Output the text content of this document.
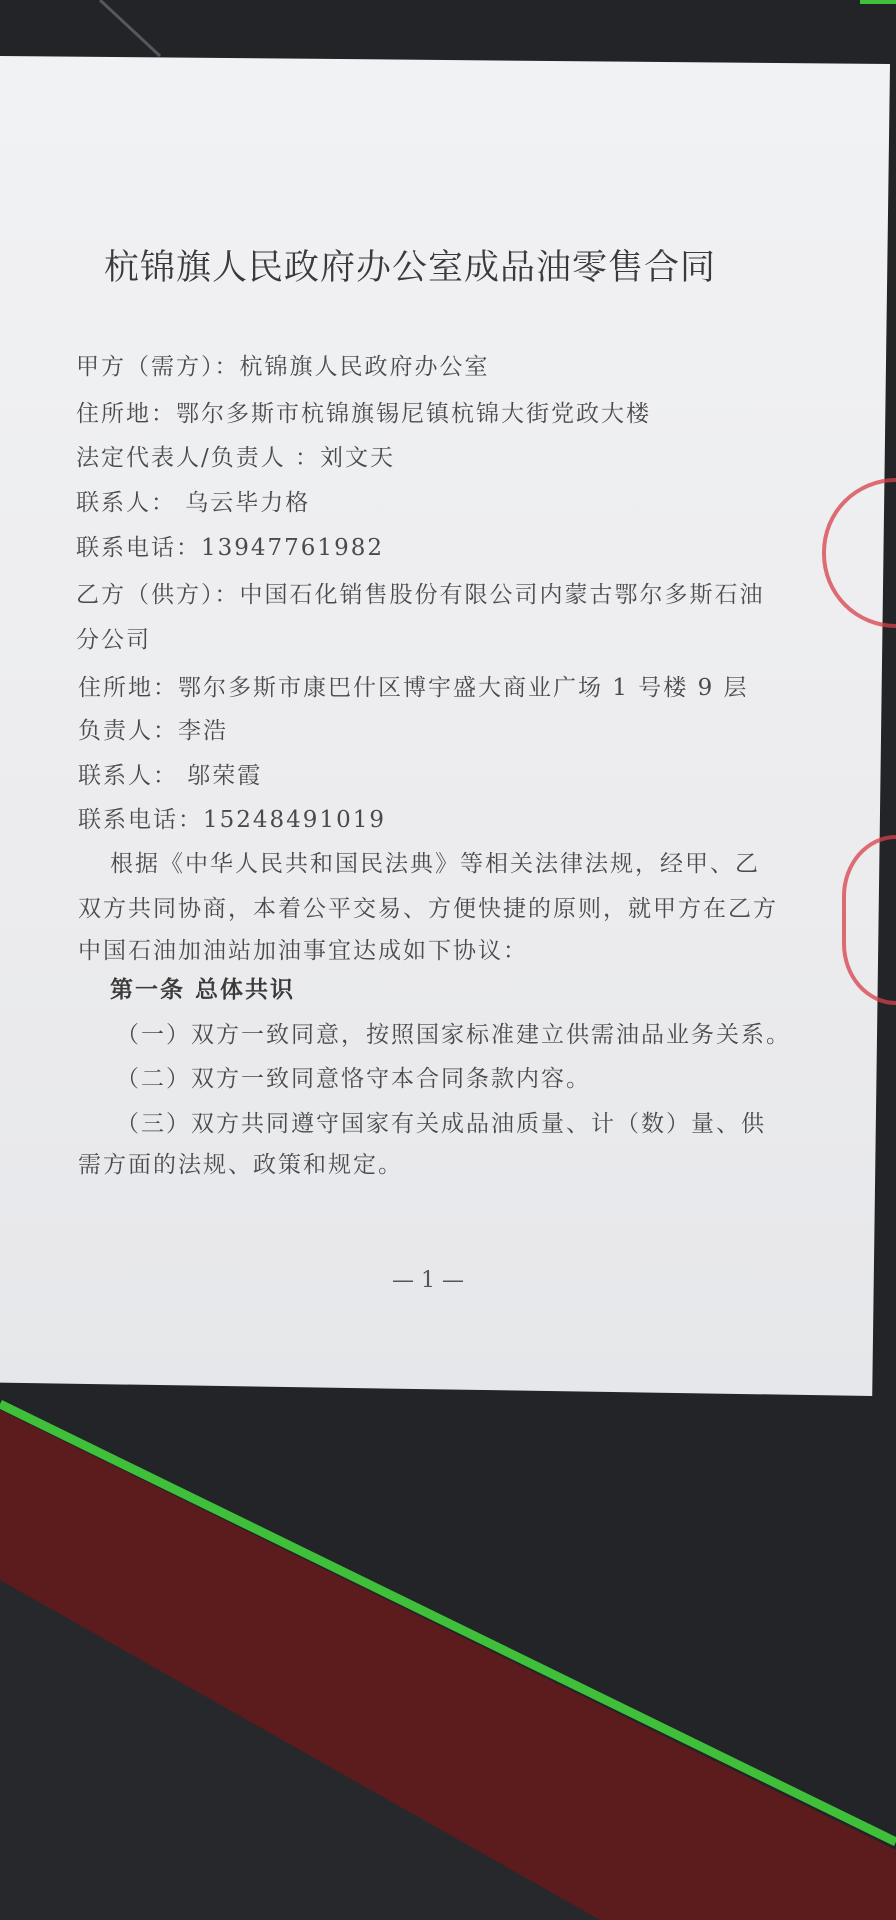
杭锦旗人民政府办公室成品油零售合同
甲方（需方）：杭锦旗人民政府办公室
住所地：鄂尔多斯市杭锦旗锡尼镇杭锦大街党政大楼
法定代表人/负责人 ：刘文天
联系人： 乌云毕力格
联系电话：13947761982
乙方（供方）：中国石化销售股份有限公司内蒙古鄂尔多斯石油
分公司
住所地：鄂尔多斯市康巴什区博宇盛大商业广场 1 号楼 9 层
负责人：李浩
联系人： 邬荣霞
联系电话：15248491019
根据《中华人民共和国民法典》等相关法律法规，经甲、乙
双方共同协商，本着公平交易、方便快捷的原则，就甲方在乙方
中国石油加油站加油事宜达成如下协议：
第一条 总体共识
（一）双方一致同意，按照国家标准建立供需油品业务关系。
（二）双方一致同意恪守本合同条款内容。
（三）双方共同遵守国家有关成品油质量、计（数）量、供
需方面的法规、政策和规定。
— 1 —
